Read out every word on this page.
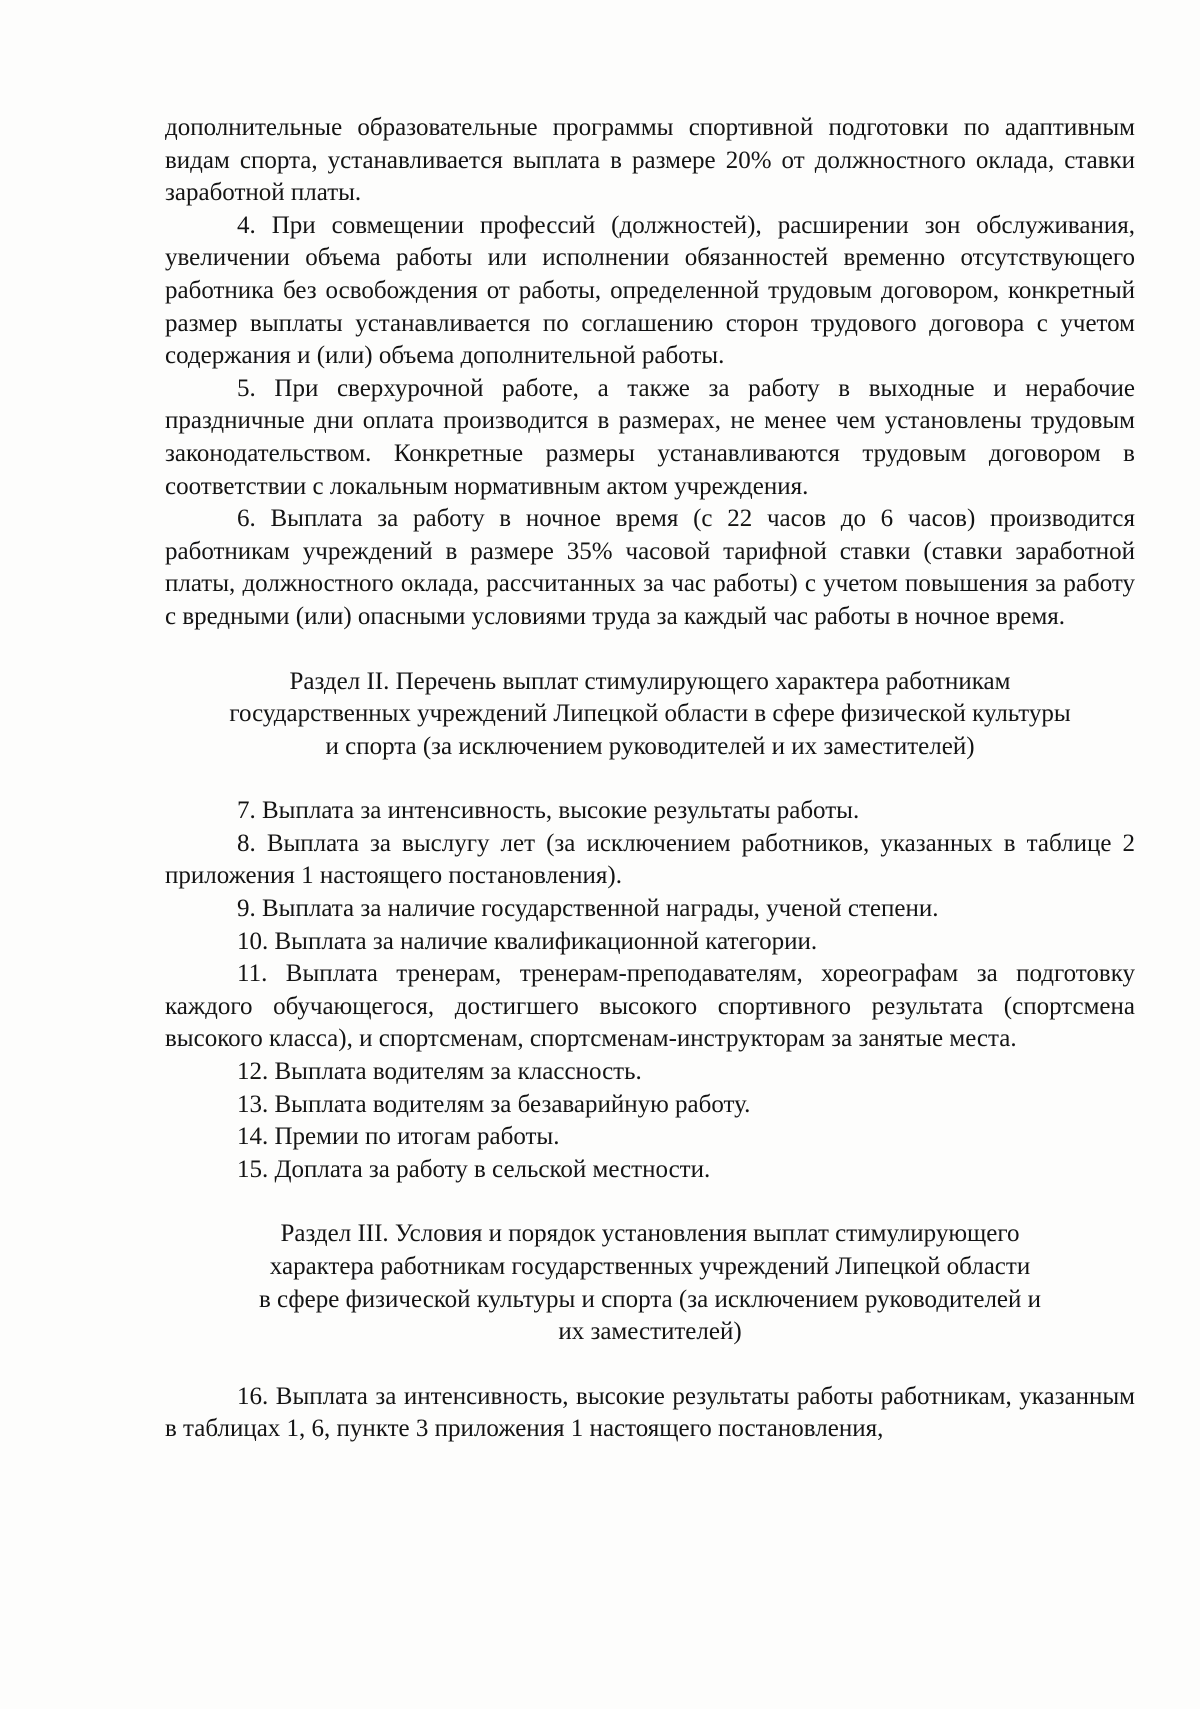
дополнительные образовательные программы спортивной подготовки по адаптивным видам спорта, устанавливается выплата в размере 20% от должностного оклада, ставки заработной платы.

4. При совмещении профессий (должностей), расширении зон обслуживания, увеличении объема работы или исполнении обязанностей временно отсутствующего работника без освобождения от работы, определенной трудовым договором, конкретный размер выплаты устанавливается по соглашению сторон трудового договора с учетом содержания и (или) объема дополнительной работы.

5. При сверхурочной работе, а также за работу в выходные и нерабочие праздничные дни оплата производится в размерах, не менее чем установлены трудовым законодательством. Конкретные размеры устанавливаются трудовым договором в соответствии с локальным нормативным актом учреждения.

6. Выплата за работу в ночное время (с 22 часов до 6 часов) производится работникам учреждений в размере 35% часовой тарифной ставки (ставки заработной платы, должностного оклада, рассчитанных за час работы) с учетом повышения за работу с вредными (или) опасными условиями труда за каждый час работы в ночное время.

Раздел II. Перечень выплат стимулирующего характера работникам

государственных учреждений Липецкой области в сфере физической культуры

и спорта (за исключением руководителей и их заместителей)

7. Выплата за интенсивность, высокие результаты работы.

8. Выплата за выслугу лет (за исключением работников, указанных в таблице 2 приложения 1 настоящего постановления).

9. Выплата за наличие государственной награды, ученой степени.

10. Выплата за наличие квалификационной категории.

11. Выплата тренерам, тренерам-преподавателям, хореографам за подготовку каждого обучающегося, достигшего высокого спортивного результата (спортсмена высокого класса), и спортсменам, спортсменам-инструкторам за занятые места.

12. Выплата водителям за классность.

13. Выплата водителям за безаварийную работу.

14. Премии по итогам работы.

15. Доплата за работу в сельской местности.

Раздел III. Условия и порядок установления выплат стимулирующего

характера работникам государственных учреждений Липецкой области

в сфере физической культуры и спорта (за исключением руководителей и

их заместителей)

16. Выплата за интенсивность, высокие результаты работы работникам, указанным в таблицах 1, 6, пункте 3 приложения 1 настоящего постановления,
